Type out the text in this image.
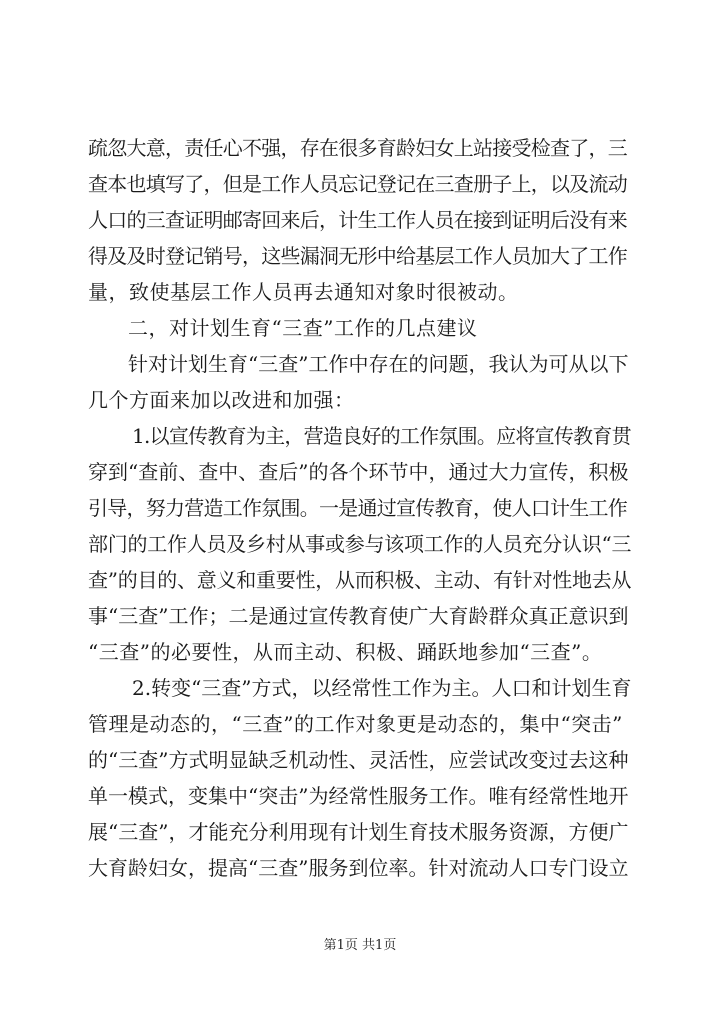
疏忽大意，责任心不强，存在很多育龄妇女上站接受检查了，三
查本也填写了，但是工作人员忘记登记在三查册子上，以及流动
人口的三查证明邮寄回来后，计生工作人员在接到证明后没有来
得及及时登记销号，这些漏洞无形中给基层工作人员加大了工作
量，致使基层工作人员再去通知对象时很被动。
二，对计划生育“三查”工作的几点建议
针对计划生育“三查”工作中存在的问题，我认为可从以下
几个方面来加以改进和加强：
1.以宣传教育为主，营造良好的工作氛围。应将宣传教育贯
穿到“查前、查中、查后”的各个环节中，通过大力宣传，积极
引导，努力营造工作氛围。一是通过宣传教育，使人口计生工作
部门的工作人员及乡村从事或参与该项工作的人员充分认识“三
查”的目的、意义和重要性，从而积极、主动、有针对性地去从
事“三查”工作；二是通过宣传教育使广大育龄群众真正意识到
“三查”的必要性，从而主动、积极、踊跃地参加“三查”。
2.转变“三查”方式，以经常性工作为主。人口和计划生育
管理是动态的，“三查”的工作对象更是动态的，集中“突击”
的“三查”方式明显缺乏机动性、灵活性，应尝试改变过去这种
单一模式，变集中“突击”为经常性服务工作。唯有经常性地开
展“三查”，才能充分利用现有计划生育技术服务资源，方便广
大育龄妇女，提高“三查”服务到位率。针对流动人口专门设立
第1页 共1页
